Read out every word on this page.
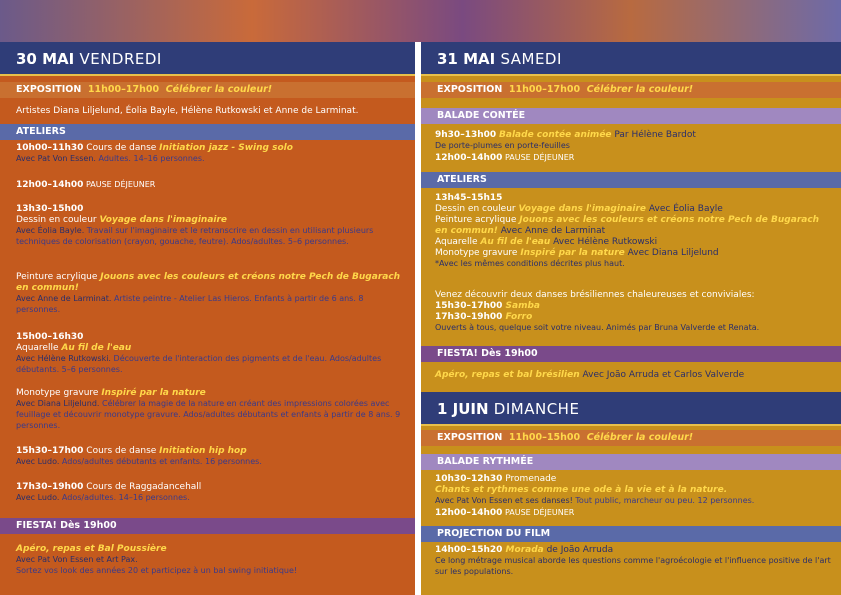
30 MAI VENDREDI
EXPOSITION 11h00–17h00 Célébrer la couleur!
Artistes Diana Liljelund, Éolia Bayle, Hélène Rutkowski et Anne de Larminat.
ATELIERS
10h00–11h30 Cours de danse Initiation jazz - Swing solo
Avec Pat Von Essen. Adultes. 14–16 personnes.
12h00–14h00 PAUSE DÉJEUNER
13h30–15h00
Dessin en couleur Voyage dans l'imaginaire
Avec Éolia Bayle. Travail sur l'imaginaire et le retranscrire en dessin en utilisant plusieurs techniques de colorisation (crayon, gouache, feutre). Ados/adultes. 5–6 personnes.
Peinture acrylique Jouons avec les couleurs et créons notre Pech de Bugarach en commun!
Avec Anne de Larminat. Artiste peintre - Atelier Las Hieros. Enfants à partir de 6 ans. 8 personnes.
15h00–16h30
Aquarelle Au fil de l'eau
Avec Hélène Rutkowski. Découverte de l'interaction des pigments et de l'eau. Ados/adultes débutants. 5–6 personnes.
Monotype gravure Inspiré par la nature
Avec Diana Liljelund. Célébrer la magie de la nature en créant des impressions colorées avec feuillage et découvrir monotype gravure. Ados/adultes débutants et enfants à partir de 8 ans. 9 personnes.
15h30–17h00 Cours de danse Initiation hip hop
Avec Ludo. Ados/adultes débutants et enfants. 16 personnes.
17h30–19h00 Cours de Raggadancehall
Avec Ludo. Ados/adultes. 14–16 personnes.
FIESTA! Dès 19h00
Apéro, repas et Bal Poussière
Avec Pat Von Essen et Art Pax.
Sortez vos look des années 20 et participez à un bal swing initiatique!
31 MAI SAMEDI
EXPOSITION 11h00–17h00 Célébrer la couleur!
BALADE CONTÉE
9h30–13h00 Balade contée animée Par Hélène Bardot
De porte-plumes en porte-feuilles
12h00–14h00 PAUSE DÉJEUNER
ATELIERS
13h45–15h15
Dessin en couleur Voyage dans l'imaginaire Avec Éolia Bayle
Peinture acrylique Jouons avec les couleurs et créons notre Pech de Bugarach en commun! Avec Anne de Larminat
Aquarelle Au fil de l'eau Avec Hélène Rutkowski
Monotype gravure Inspiré par la nature Avec Diana Liljelund
*Avec les mêmes conditions décrites plus haut.
Venez découvrir deux danses brésiliennes chaleureuses et conviviales:
15h30–17h00 Samba
17h30–19h00 Forro
Ouverts à tous, quelque soit votre niveau. Animés par Bruna Valverde et Renata.
FIESTA! Dès 19h00
Apéro, repas et bal brésilien Avec João Arruda et Carlos Valverde
1 JUIN DIMANCHE
EXPOSITION 11h00–15h00 Célébrer la couleur!
BALADE RYTHMÉE
10h30–12h30 Promenade
Chants et rythmes comme une ode à la vie et à la nature.
Avec Pat Von Essen et ses danses! Tout public, marcheur ou peu. 12 personnes.
12h00–14h00 PAUSE DÉJEUNER
PROJECTION DU FILM
14h00–15h20 Morada de João Arruda
Ce long métrage musical aborde les questions comme l'agroécologie et l'influence positive de l'art sur les populations.
